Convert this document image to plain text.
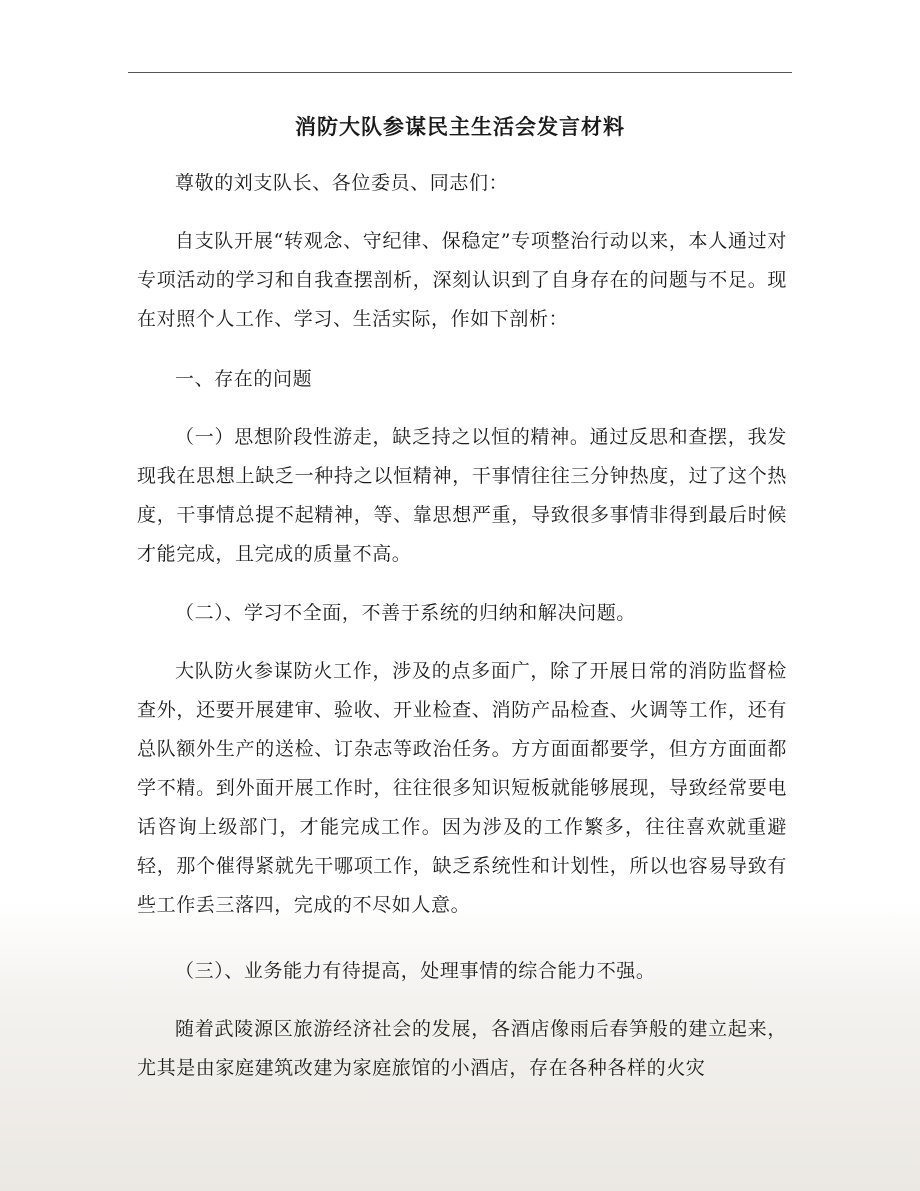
消防大队参谋民主生活会发言材料

尊敬的刘支队长、各位委员、同志们：

自支队开展“转观念、守纪律、保稳定”专项整治行动以来，本人通过对专项活动的学习和自我查摆剖析，深刻认识到了自身存在的问题与不足。现在对照个人工作、学习、生活实际，作如下剖析：

一、存在的问题

（一）思想阶段性游走，缺乏持之以恒的精神。通过反思和查摆，我发现我在思想上缺乏一种持之以恒精神，干事情往往三分钟热度，过了这个热度，干事情总提不起精神，等、靠思想严重，导致很多事情非得到最后时候才能完成，且完成的质量不高。

（二）、学习不全面，不善于系统的归纳和解决问题。

大队防火参谋防火工作，涉及的点多面广，除了开展日常的消防监督检查外，还要开展建审、验收、开业检查、消防产品检查、火调等工作，还有总队额外生产的送检、订杂志等政治任务。方方面面都要学，但方方面面都学不精。到外面开展工作时，往往很多知识短板就能够展现，导致经常要电话咨询上级部门，才能完成工作。因为涉及的工作繁多，往往喜欢就重避轻，那个催得紧就先干哪项工作，缺乏系统性和计划性，所以也容易导致有些工作丢三落四，完成的不尽如人意。

（三）、业务能力有待提高，处理事情的综合能力不强。

随着武陵源区旅游经济社会的发展，各酒店像雨后春笋般的建立起来，尤其是由家庭建筑改建为家庭旅馆的小酒店，存在各种各样的火灾
